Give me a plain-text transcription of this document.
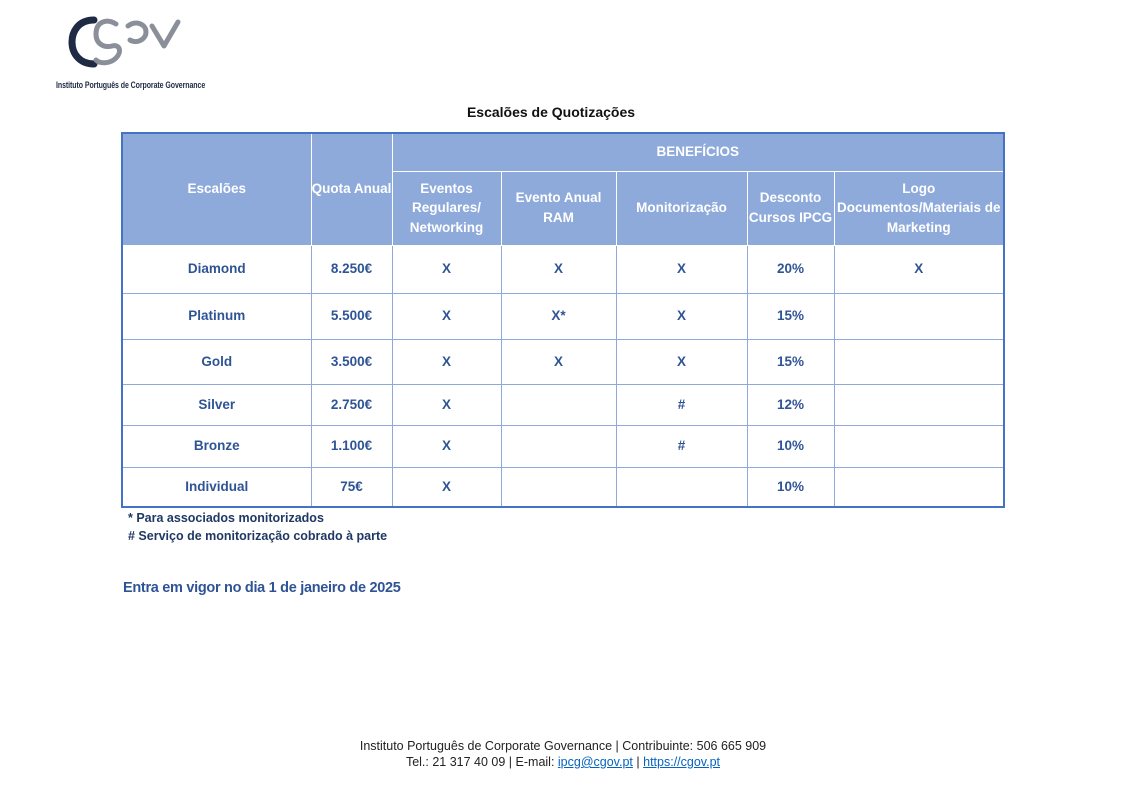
Instituto Português de Corporate Governance
Escalões de Quotizações
Escalões	Quota Anual	BENEFÍCIOS				
		Eventos Regulares/ Networking	Evento Anual RAM	Monitorização	Desconto Cursos IPCG	Logo Documentos/Materiais de Marketing
Diamond	8.250€	X	X	X	20%	X
Platinum	5.500€	X	X*	X	15%	
Gold	3.500€	X	X	X	15%	
Silver	2.750€	X		#	12%	
Bronze	1.100€	X		#	10%	
Individual	75€	X			10%	
* Para associados monitorizados
# Serviço de monitorização cobrado à parte
Entra em vigor no dia 1 de janeiro de 2025
Instituto Português de Corporate Governance | Contribuinte: 506 665 909
Tel.: 21 317 40 09 | E-mail: ipcg@cgov.pt | https://cgov.pt
